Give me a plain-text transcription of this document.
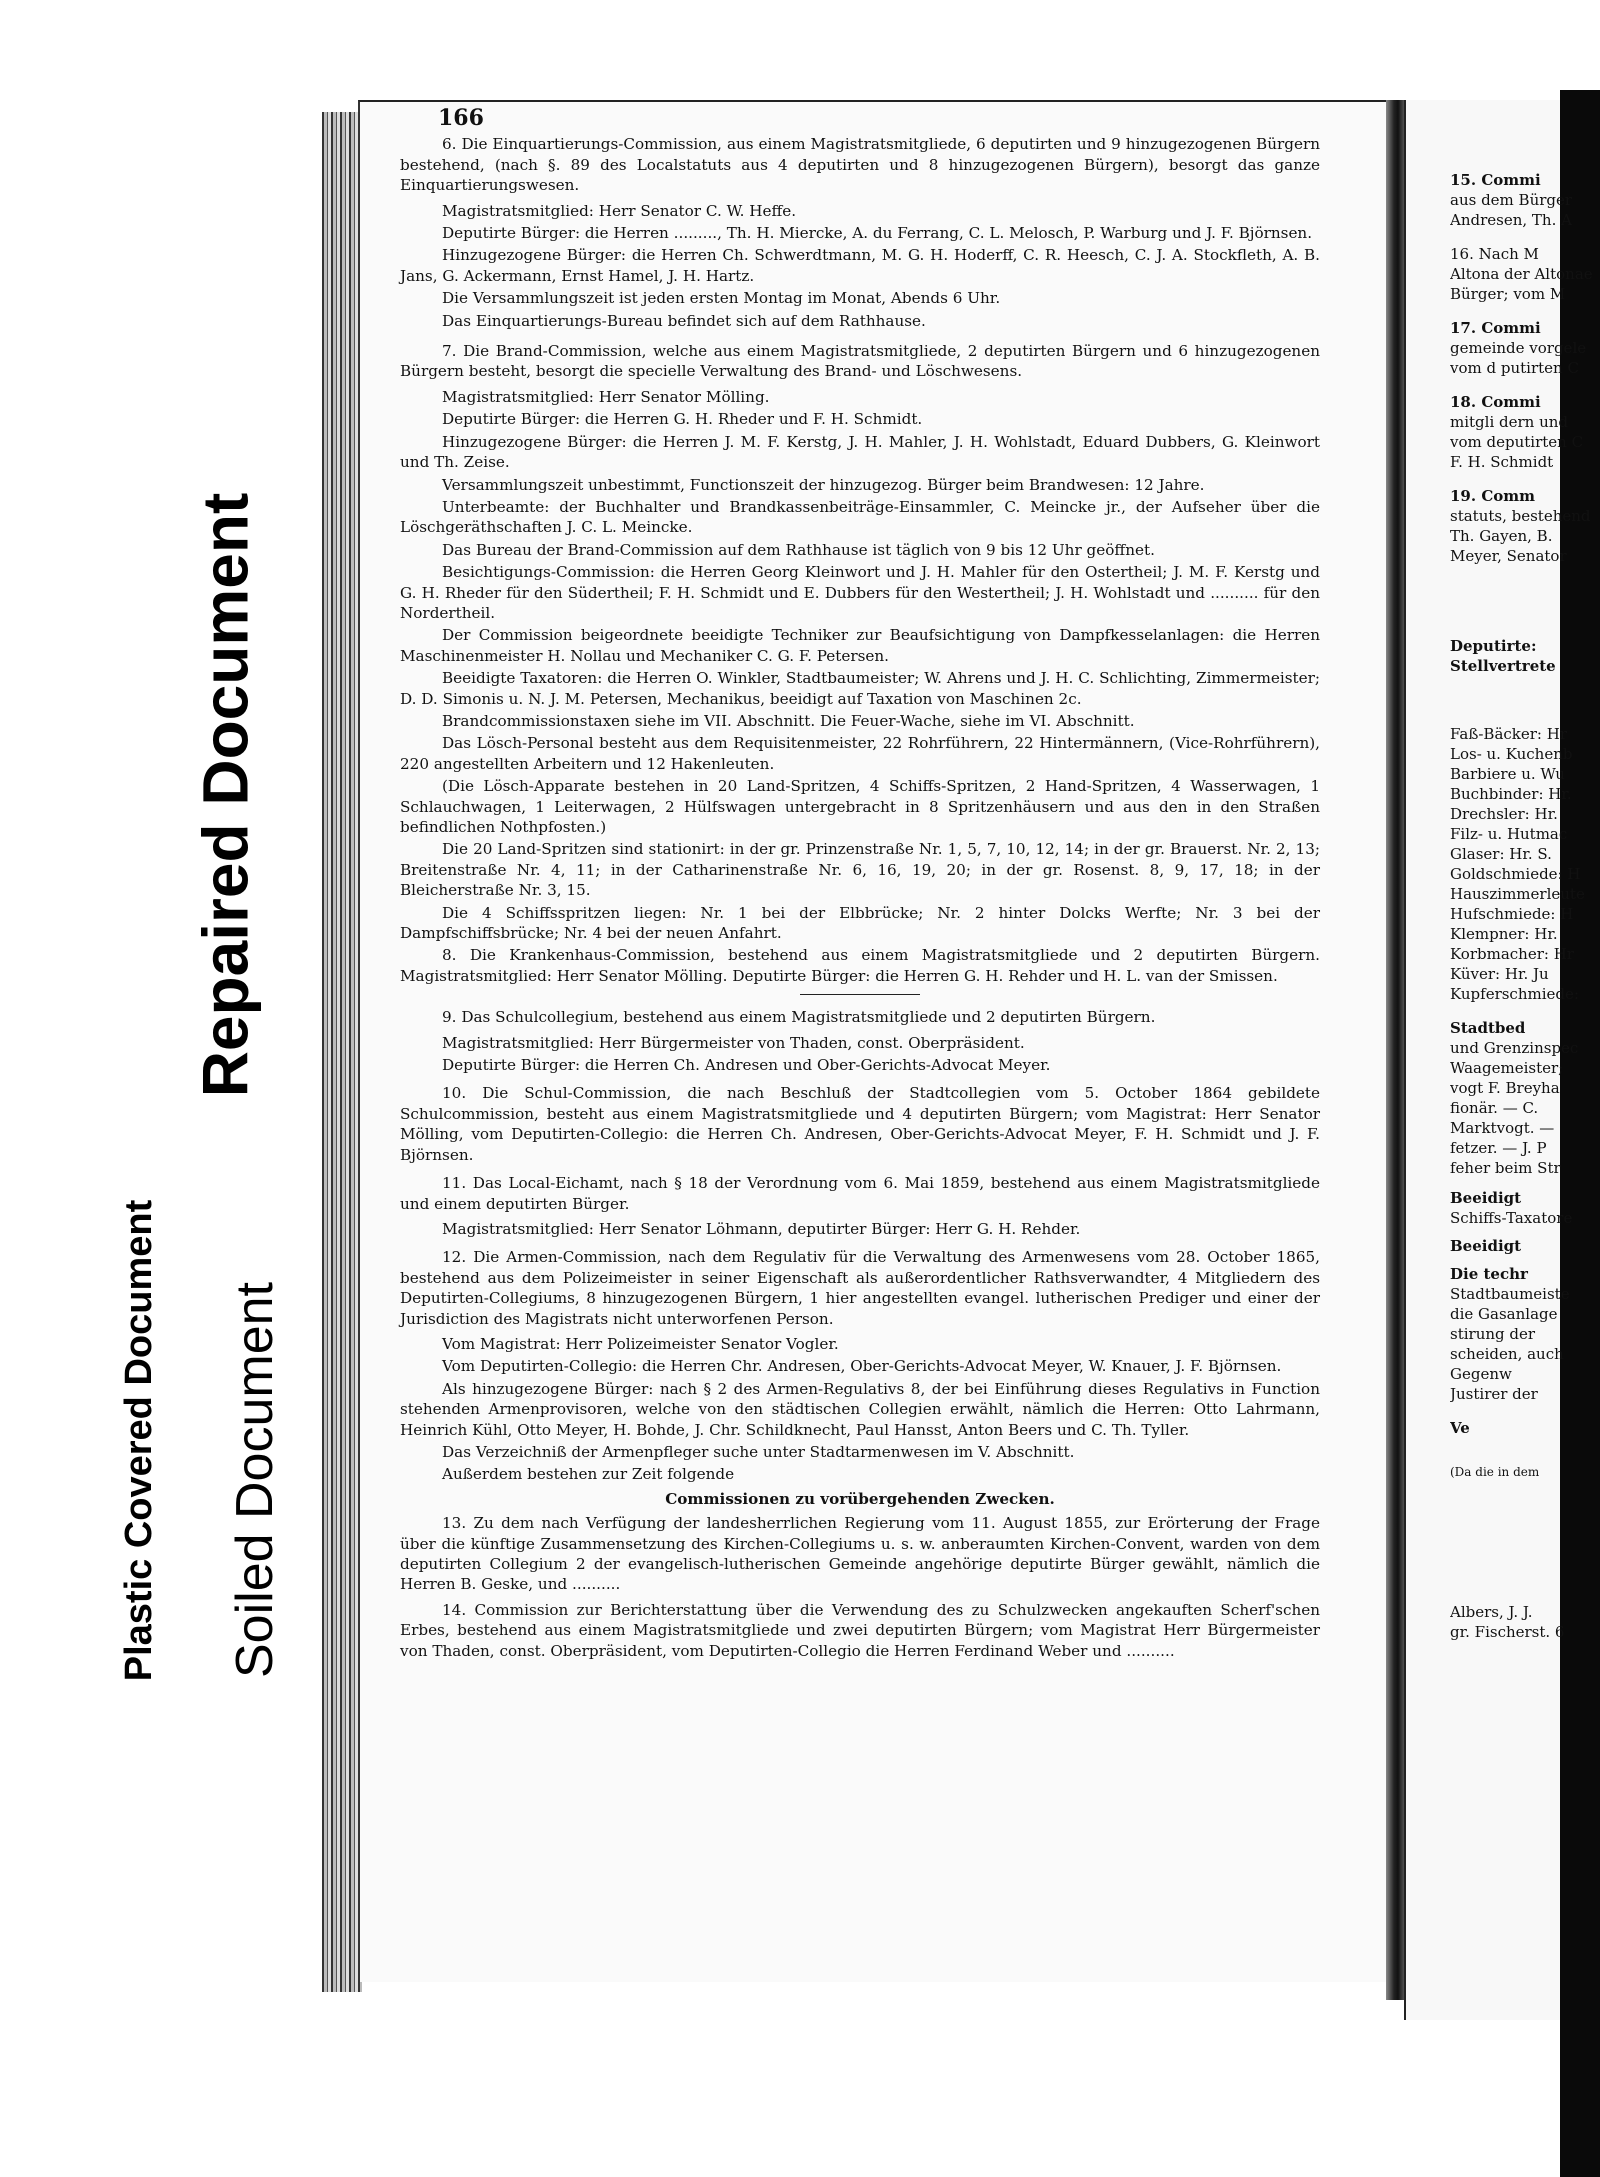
Repaired Document
Plastic Covered Document Soiled Document
166

6. Die Einquartierungs-Commission, aus einem Magistratsmitgliede, 6 deputirten und 9 hinzugezogenen Bürgern bestehend, (nach §. 89 des Localstatuts aus 4 deputirten und 8 hinzugezogenen Bürgern), besorgt das ganze Einquartierungswesen.

Magistratsmitglied: Herr Senator C. W. Heffe.

Deputirte Bürger: die Herren ........., Th. H. Miercke, A. du Ferrang, C. L. Melosch, P. Warburg und J. F. Björnsen.

Hinzugezogene Bürger: die Herren Ch. Schwerdtmann, M. G. H. Hoderff, C. R. Heesch, C. J. A. Stockfleth, A. B. Jans, G. Ackermann, Ernst Hamel, J. H. Hartz.

Die Versammlungszeit ist jeden ersten Montag im Monat, Abends 6 Uhr.

Das Einquartierungs-Bureau befindet sich auf dem Rathhause.

7. Die Brand-Commission, welche aus einem Magistratsmitgliede, 2 deputirten Bürgern und 6 hinzugezogenen Bürgern besteht, besorgt die specielle Verwaltung des Brand- und Löschwesens.

Magistratsmitglied: Herr Senator Mölling.

Deputirte Bürger: die Herren G. H. Rheder und F. H. Schmidt.

Hinzugezogene Bürger: die Herren J. M. F. Kerstg, J. H. Mahler, J. H. Wohlstadt, Eduard Dubbers, G. Kleinwort und Th. Zeise.

Versammlungszeit unbestimmt, Functionszeit der hinzugezog. Bürger beim Brandwesen: 12 Jahre.

Unterbeamte: der Buchhalter und Brandkassenbeiträge-Einsammler, C. Meincke jr., der Aufseher über die Löschgeräthschaften J. C. L. Meincke.

Das Bureau der Brand-Commission auf dem Rathhause ist täglich von 9 bis 12 Uhr geöffnet.

Besichtigungs-Commission: die Herren Georg Kleinwort und J. H. Mahler für den Ostertheil; J. M. F. Kerstg und G. H. Rheder für den Südertheil; F. H. Schmidt und E. Dubbers für den Westertheil; J. H. Wohlstadt und .......... für den Nordertheil.

Der Commission beigeordnete beeidigte Techniker zur Beaufsichtigung von Dampfkesselanlagen: die Herren Maschinenmeister H. Nollau und Mechaniker C. G. F. Petersen.

Beeidigte Taxatoren: die Herren O. Winkler, Stadtbaumeister; W. Ahrens und J. H. C. Schlichting, Zimmermeister; D. D. Simonis u. N. J. M. Petersen, Mechanikus, beeidigt auf Taxation von Maschinen 2c.

Brandcommissionstaxen siehe im VII. Abschnitt. Die Feuer-Wache, siehe im VI. Abschnitt.

Das Lösch-Personal besteht aus dem Requisitenmeister, 22 Rohrführern, 22 Hintermännern, (Vice-Rohrführern), 220 angestellten Arbeitern und 12 Hakenleuten.

(Die Lösch-Apparate bestehen in 20 Land-Spritzen, 4 Schiffs-Spritzen, 2 Hand-Spritzen, 4 Wasserwagen, 1 Schlauchwagen, 1 Leiterwagen, 2 Hülfswagen untergebracht in 8 Spritzenhäusern und aus den in den Straßen befindlichen Nothpfosten.)

Die 20 Land-Spritzen sind stationirt: in der gr. Prinzenstraße Nr. 1, 5, 7, 10, 12, 14; in der gr. Brauerst. Nr. 2, 13; Breitenstraße Nr. 4, 11; in der Catharinenstraße Nr. 6, 16, 19, 20; in der gr. Rosenst. 8, 9, 17, 18; in der Bleicherstraße Nr. 3, 15.

Die 4 Schiffsspritzen liegen: Nr. 1 bei der Elbbrücke; Nr. 2 hinter Dolcks Werfte; Nr. 3 bei der Dampfschiffsbrücke; Nr. 4 bei der neuen Anfahrt.

8. Die Krankenhaus-Commission, bestehend aus einem Magistratsmitgliede und 2 deputirten Bürgern. Magistratsmitglied: Herr Senator Mölling. Deputirte Bürger: die Herren G. H. Rehder und H. L. van der Smissen.

9. Das Schulcollegium, bestehend aus einem Magistratsmitgliede und 2 deputirten Bürgern.

Magistratsmitglied: Herr Bürgermeister von Thaden, const. Oberpräsident.

Deputirte Bürger: die Herren Ch. Andresen und Ober-Gerichts-Advocat Meyer.

10. Die Schul-Commission, die nach Beschluß der Stadtcollegien vom 5. October 1864 gebildete Schulcommission, besteht aus einem Magistratsmitgliede und 4 deputirten Bürgern; vom Magistrat: Herr Senator Mölling, vom Deputirten-Collegio: die Herren Ch. Andresen, Ober-Gerichts-Advocat Meyer, F. H. Schmidt und J. F. Björnsen.

11. Das Local-Eichamt, nach § 18 der Verordnung vom 6. Mai 1859, bestehend aus einem Magistratsmitgliede und einem deputirten Bürger.

Magistratsmitglied: Herr Senator Löhmann, deputirter Bürger: Herr G. H. Rehder.

12. Die Armen-Commission, nach dem Regulativ für die Verwaltung des Armenwesens vom 28. October 1865, bestehend aus dem Polizeimeister in seiner Eigenschaft als außerordentlicher Rathsverwandter, 4 Mitgliedern des Deputirten-Collegiums, 8 hinzugezogenen Bürgern, 1 hier angestellten evangel. lutherischen Prediger und einer der Jurisdiction des Magistrats nicht unterworfenen Person.

Vom Magistrat: Herr Polizeimeister Senator Vogler.

Vom Deputirten-Collegio: die Herren Chr. Andresen, Ober-Gerichts-Advocat Meyer, W. Knauer, J. F. Björnsen.

Als hinzugezogene Bürger: nach § 2 des Armen-Regulativs 8, der bei Einführung dieses Regulativs in Function stehenden Armenprovisoren, welche von den städtischen Collegien erwählt, nämlich die Herren: Otto Lahrmann, Heinrich Kühl, Otto Meyer, H. Bohde, J. Chr. Schildknecht, Paul Hansst, Anton Beers und C. Th. Tyller.

Das Verzeichniß der Armenpfleger suche unter Stadtarmenwesen im V. Abschnitt.

Außerdem bestehen zur Zeit folgende

Commissionen zu vorübergehenden Zwecken.

13. Zu dem nach Verfügung der landesherrlichen Regierung vom 11. August 1855, zur Erörterung der Frage über die künftige Zusammensetzung des Kirchen-Collegiums u. s. w. anberaumten Kirchen-Convent, warden von dem deputirten Collegium 2 der evangelisch-lutherischen Gemeinde angehörige deputirte Bürger gewählt, nämlich die Herren B. Geske, und ..........

14. Commission zur Berichterstattung über die Verwendung des zu Schulzwecken angekauften Scherf'schen Erbes, bestehend aus einem Magistratsmitgliede und zwei deputirten Bürgern; vom Magistrat Herr Bürgermeister von Thaden, const. Oberpräsident, vom Deputirten-Collegio die Herren Ferdinand Weber und ..........

15. Commi
aus dem Bürger
Andresen, Th. A
16. Nach M
Altona der Altonae
Bürger; vom M
17. Commi
gemeinde vorgele
vom d putirten C
18. Commi
mitgli dern und
vom deputirten C
F. H. Schmidt
19. Comm
statuts, bestehend
Th. Gayen, B.
Meyer, Senator
Deputirte:
Stellvertrete
Faß-Bäcker: Hr
Los- u. Kuchenb
Barbiere u. Wu
Buchbinder: Hr.
Drechsler: Hr.
Filz- u. Hutmac
Glaser: Hr. S.
Goldschmiede: H
Hauszimmerleute
Hufschmiede: H
Klempner: Hr.
Korbmacher: Hr
Küver: Hr. Ju
Kupferschmiede:
Stadtbed
und Grenzinspec
Waagemeister;
vogt F. Breyha
fionär. — C.
Marktvogt. —
fetzer. — J. P
feher beim Str
Beeidigt
Schiffs-Taxatore
Beeidigt
Die techr
Stadtbaumeiste
die Gasanlage
stirung der
scheiden, auch
Gegenw
Justirer der
Ve
(Da die in dem
Albers, J. J.
gr. Fischerst. 6
